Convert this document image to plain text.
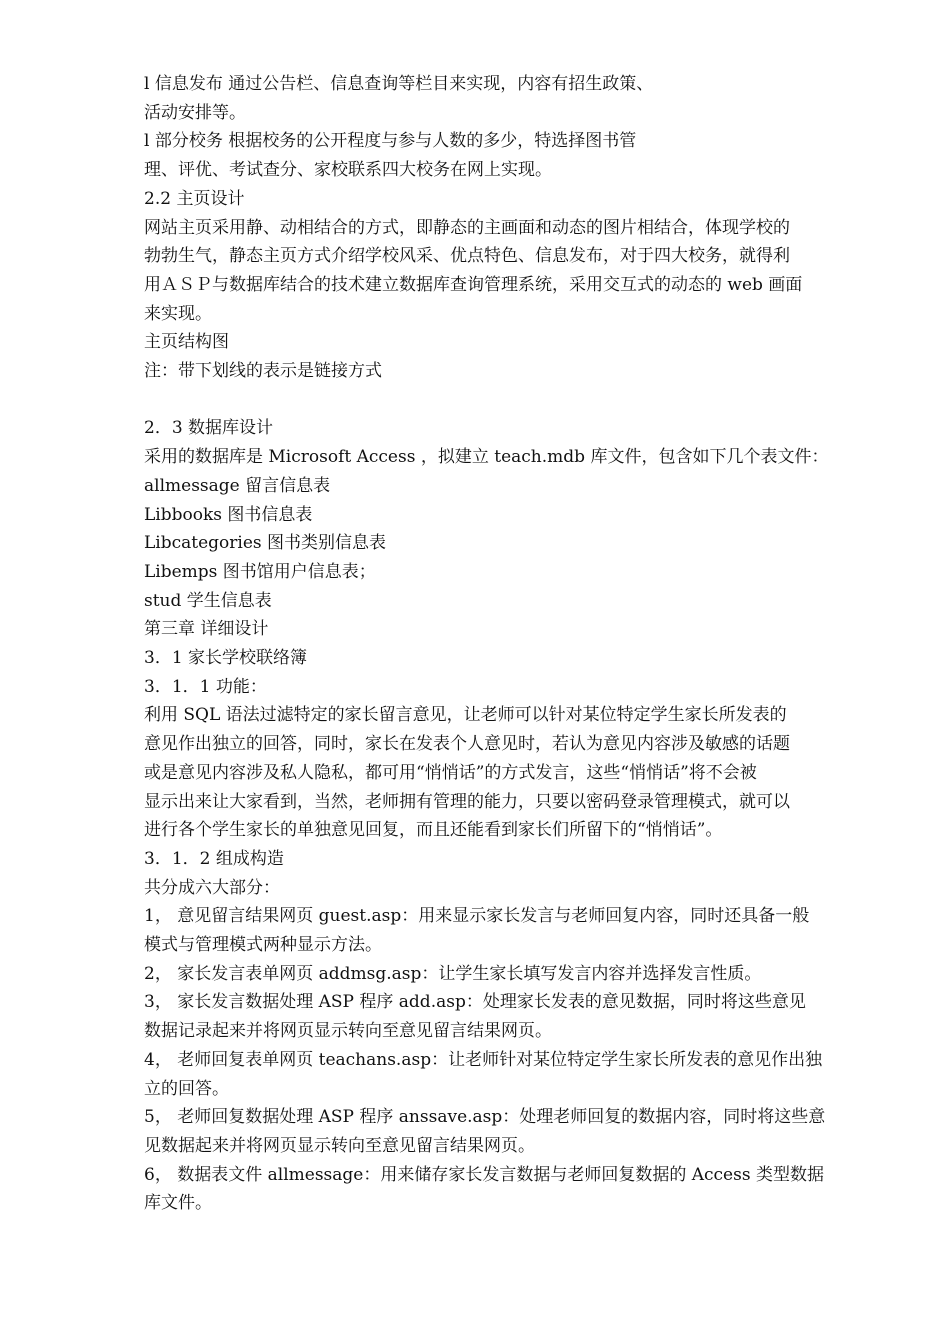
l 信息发布 通过公告栏、信息查询等栏目来实现，内容有招生政策、
活动安排等。
l 部分校务 根据校务的公开程度与参与人数的多少，特选择图书管
理、评优、考试查分、家校联系四大校务在网上实现。
2.2 主页设计
网站主页采用静、动相结合的方式，即静态的主画面和动态的图片相结合，体现学校的
勃勃生气，静态主页方式介绍学校风采、优点特色、信息发布，对于四大校务，就得利
用ＡＳＰ与数据库结合的技术建立数据库查询管理系统，采用交互式的动态的 web 画面
来实现。
主页结构图
注：带下划线的表示是链接方式
2．3 数据库设计
采用的数据库是 Microsoft Access ，拟建立 teach.mdb 库文件，包含如下几个表文件：
allmessage 留言信息表
Libbooks 图书信息表
Libcategories 图书类别信息表
Libemps 图书馆用户信息表；
stud 学生信息表
第三章 详细设计
3．1 家长学校联络簿
3．1．1 功能：
利用 SQL 语法过滤特定的家长留言意见，让老师可以针对某位特定学生家长所发表的
意见作出独立的回答，同时，家长在发表个人意见时，若认为意见内容涉及敏感的话题
或是意见内容涉及私人隐私，都可用“悄悄话”的方式发言，这些“悄悄话”将不会被
显示出来让大家看到，当然，老师拥有管理的能力，只要以密码登录管理模式，就可以
进行各个学生家长的单独意见回复，而且还能看到家长们所留下的“悄悄话”。
3．1．2 组成构造
共分成六大部分：
1， 意见留言结果网页 guest.asp：用来显示家长发言与老师回复内容，同时还具备一般
模式与管理模式两种显示方法。
2， 家长发言表单网页 addmsg.asp：让学生家长填写发言内容并选择发言性质。
3， 家长发言数据处理 ASP 程序 add.asp：处理家长发表的意见数据，同时将这些意见
数据记录起来并将网页显示转向至意见留言结果网页。
4， 老师回复表单网页 teachans.asp：让老师针对某位特定学生家长所发表的意见作出独
立的回答。
5， 老师回复数据处理 ASP 程序 anssave.asp：处理老师回复的数据内容，同时将这些意
见数据起来并将网页显示转向至意见留言结果网页。
6， 数据表文件 allmessage：用来储存家长发言数据与老师回复数据的 Access 类型数据
库文件。
